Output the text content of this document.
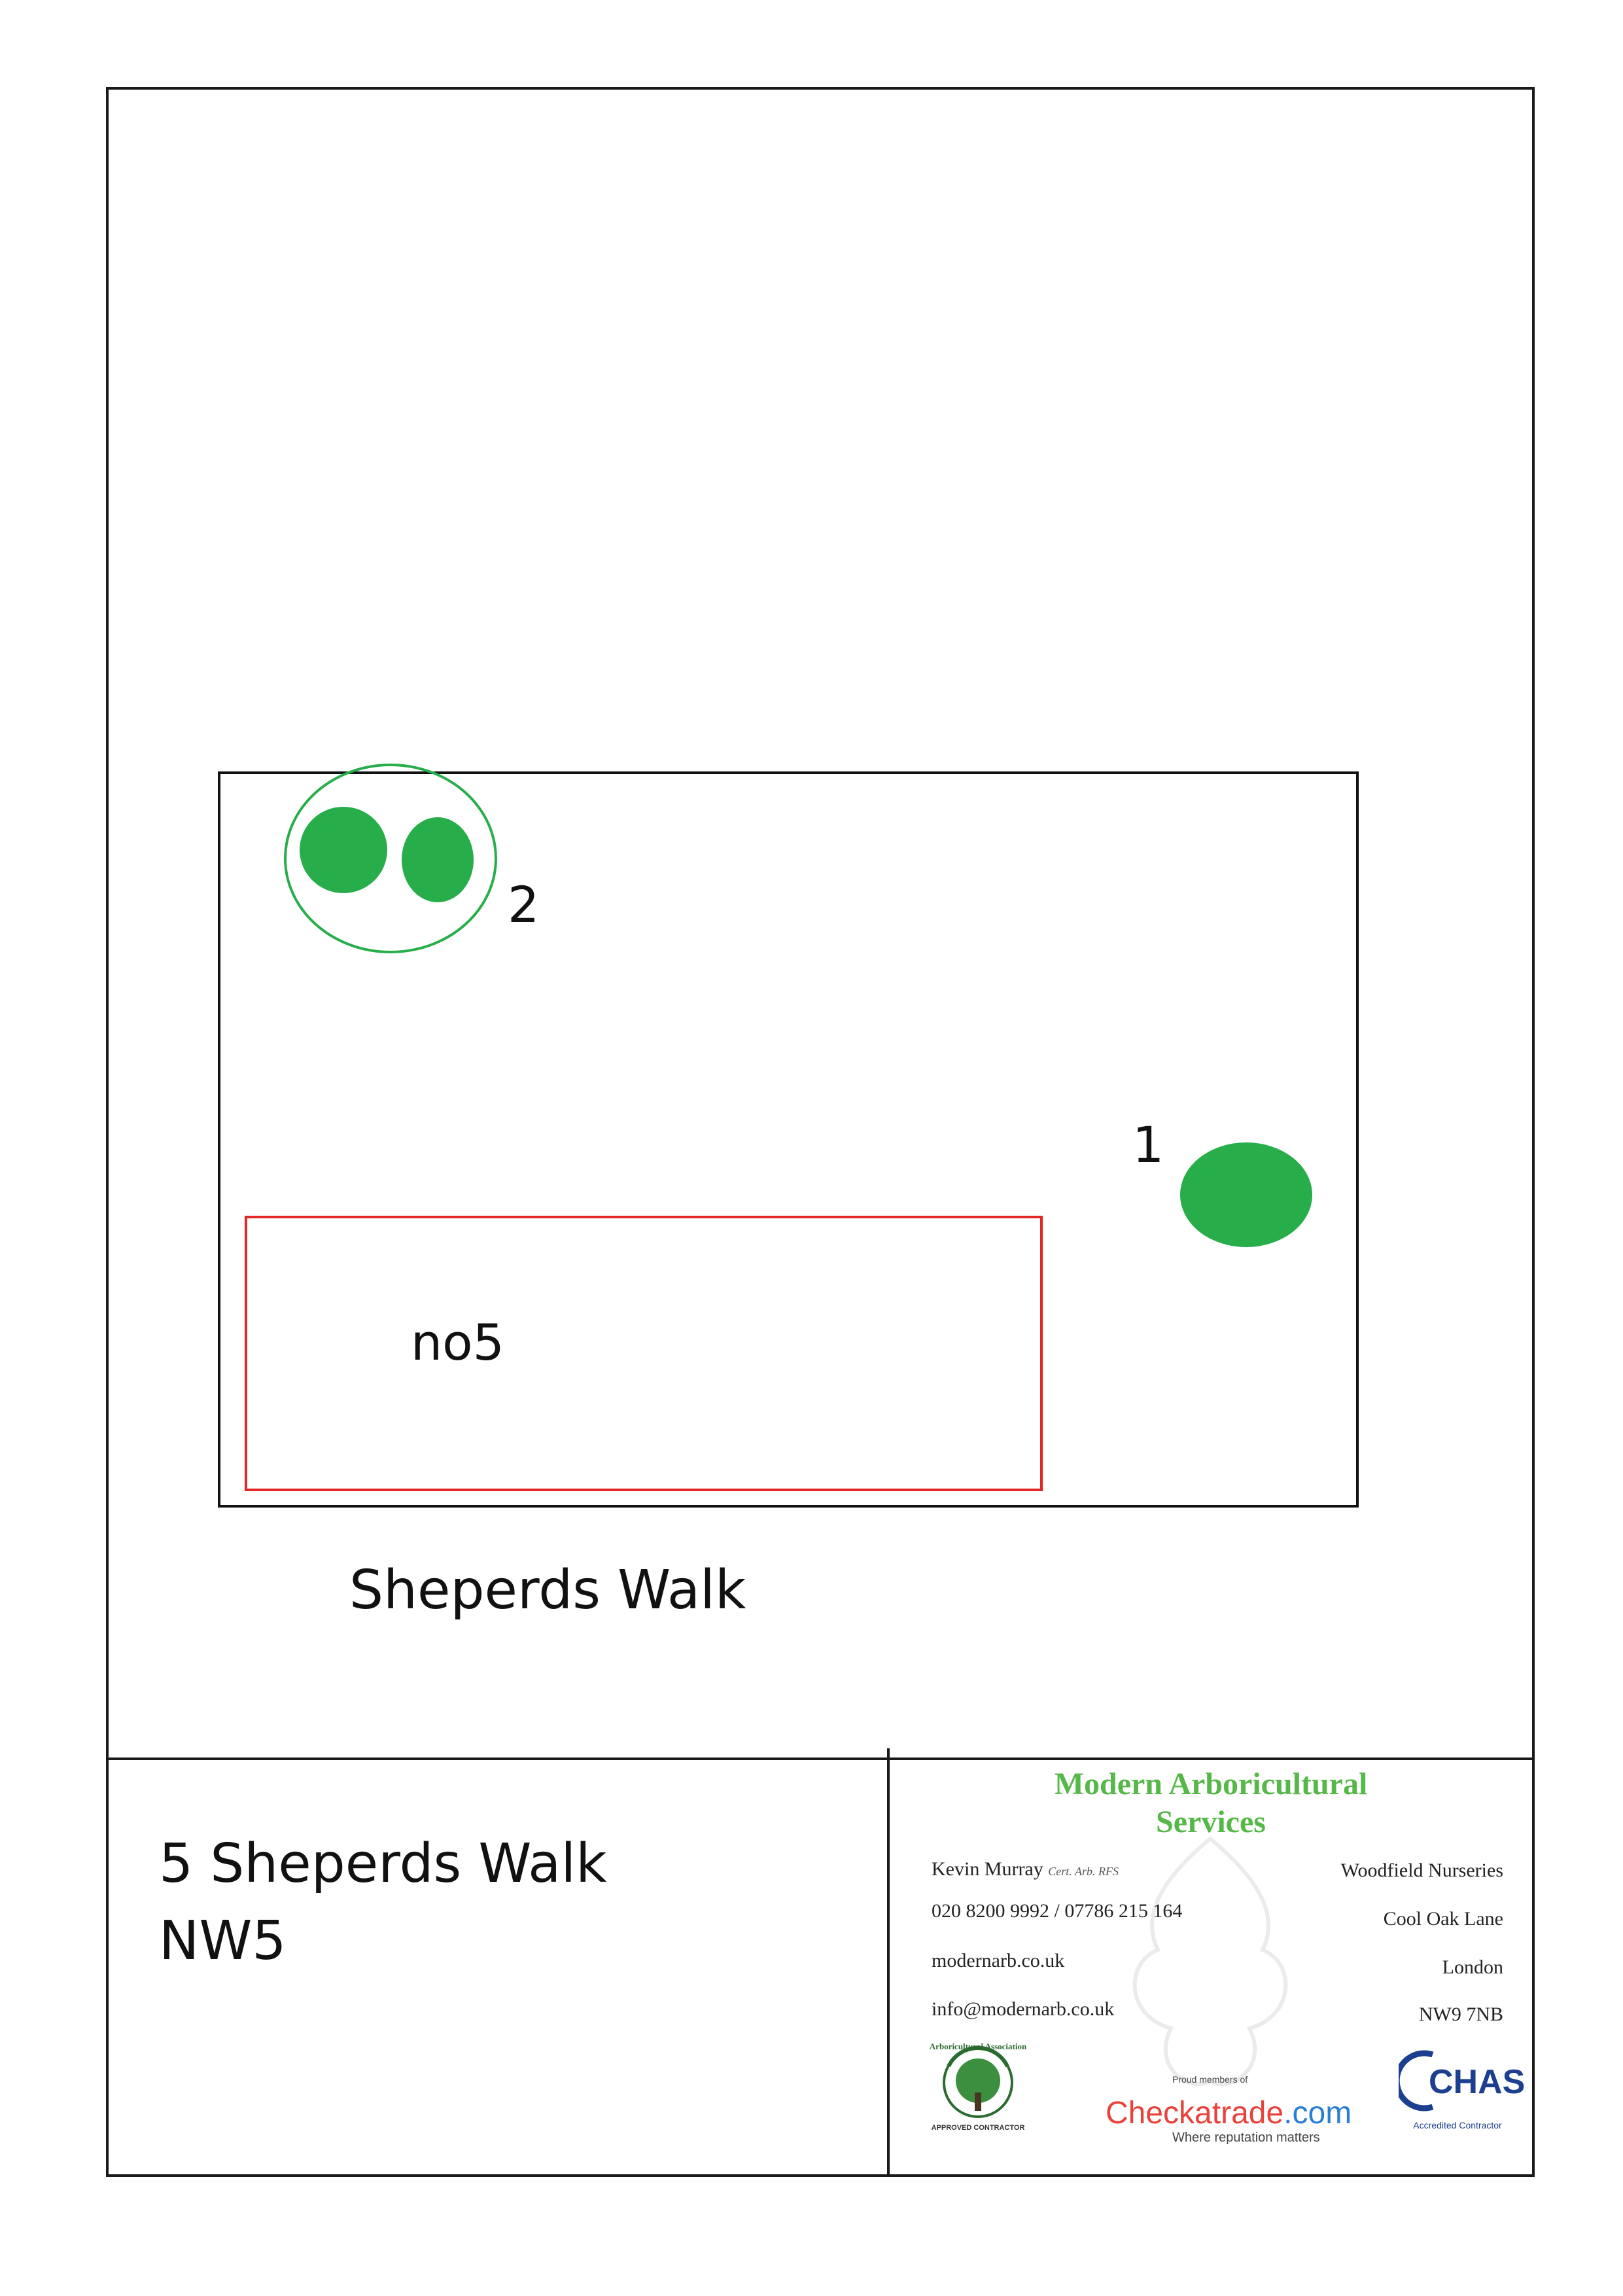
2
1
no5
Sheperds Walk
5 Sheperds Walk
NW5
Modern Arboricultural
Services
Kevin Murray Cert. Arb. RFS
020 8200 9992 / 07786 215 164
modernarb.co.uk
info@modernarb.co.uk
Woodfield Nurseries
Cool Oak Lane
London
NW9 7NB
Arboricultural Association
APPROVED CONTRACTOR
Proud members of
Checkatrade.com
Where reputation matters
CHAS
Accredited Contractor
